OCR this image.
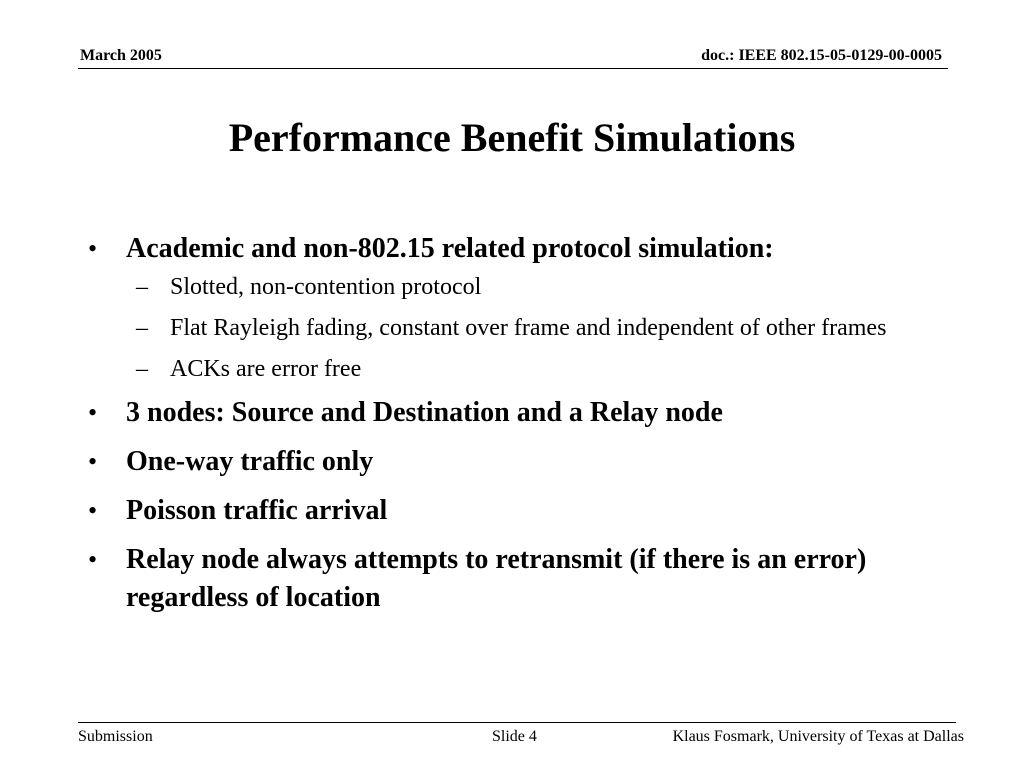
March 2005	doc.: IEEE 802.15-05-0129-00-0005
Performance Benefit Simulations
• Academic and non-802.15 related protocol simulation:
– Slotted, non-contention protocol
– Flat Rayleigh fading, constant over frame and independent of other frames
– ACKs are error free
• 3 nodes: Source and Destination and a Relay node
• One-way traffic only
• Poisson traffic arrival
• Relay node always attempts to retransmit (if there is an error) regardless of location
Submission	Slide 4	Klaus Fosmark, University of Texas at Dallas
